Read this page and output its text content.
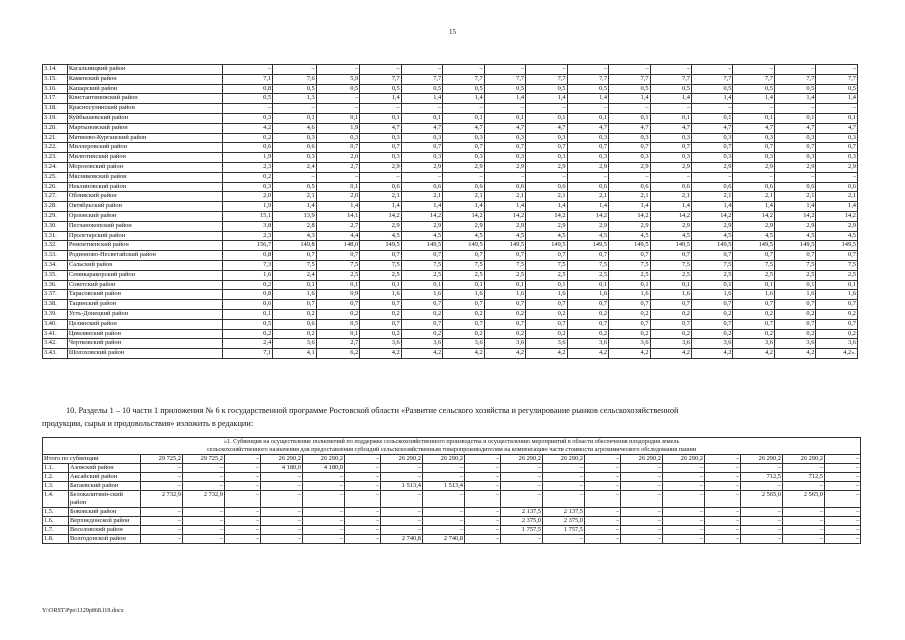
15
3.14.	Кагальницкий район	–	–	–	–	–	–	–	–	–	–	–	–	–	–	–
3.15.	Каменский район	7,1	7,6	5,9	7,7	7,7	7,7	7,7	7,7	7,7	7,7	7,7	7,7	7,7	7,7	7,7
3.16.	Кашарский район	0,8	0,5	0,5	0,5	0,5	0,5	0,5	0,5	0,5	0,5	0,5	0,5	0,5	0,5	0,5
3.17.	Константиновский район	0,5	1,3	–	1,4	1,4	1,4	1,4	1,4	1,4	1,4	1,4	1,4	1,4	1,4	1,4
3.18.	Красносулинский район	–	–	–	–	–	–	–	–	–	–	–	–	–	–	–
3.19.	Куйбышевский район	0,3	0,1	0,1	0,1	0,1	0,1	0,1	0,1	0,1	0,1	0,1	0,1	0,1	0,1	0,1
3.20.	Мартыновский район	4,2	4,6	1,9	4,7	4,7	4,7	4,7	4,7	4,7	4,7	4,7	4,7	4,7	4,7	4,7
3.21.	Матвеево-Курганский район	0,2	0,3	0,3	0,3	0,3	0,3	0,3	0,3	0,3	0,3	0,3	0,3	0,3	0,3	0,3
3.22.	Миллеровский район	0,6	0,6	0,7	0,7	0,7	0,7	0,7	0,7	0,7	0,7	0,7	0,7	0,7	0,7	0,7
3.23.	Милютинский район	1,9	0,3	2,0	0,3	0,3	0,3	0,3	0,3	0,3	0,3	0,3	0,3	0,3	0,3	0,3
3.24.	Морозовский район	2,3	2,4	2,7	2,9	2,9	2,9	2,9	2,9	2,9	2,9	2,9	2,9	2,9	2,9	2,9
3.25.	Мясниковский район	0,2	–	–	–	–	–	–	–	–	–	–	–	–	–	–
3.26.	Неклиновский район	0,3	0,5	0,1	0,6	0,6	0,6	0,6	0,6	0,6	0,6	0,6	0,6	0,6	0,6	0,6
3.27.	Обливский район	2,0	2,1	2,0	2,1	2,1	2,1	2,1	2,1	2,1	2,1	2,1	2,1	2,1	2,1	2,1
3.28.	Октябрьский район	1,9	1,4	1,4	1,4	1,4	1,4	1,4	1,4	1,4	1,4	1,4	1,4	1,4	1,4	1,4
3.29.	Орловский район	15,1	13,9	14,1	14,2	14,2	14,2	14,2	14,2	14,2	14,2	14,2	14,2	14,2	14,2	14,2
3.30.	Песчанокопский район	3,8	2,8	2,7	2,9	2,9	2,9	2,9	2,9	2,9	2,9	2,9	2,9	2,9	2,9	2,9
3.31.	Пролетарский район	2,3	4,3	4,4	4,5	4,5	4,5	4,5	4,5	4,5	4,5	4,5	4,5	4,5	4,5	4,5
3.32.	Ремонтненский район	156,7	149,8	148,0	149,5	149,5	149,5	149,5	149,5	149,5	149,5	149,5	149,5	149,5	149,5	149,5
3.33.	Родионово-Несветайский район	0,8	0,7	0,7	0,7	0,7	0,7	0,7	0,7	0,7	0,7	0,7	0,7	0,7	0,7	0,7
3.34.	Сальский район	7,3	7,5	7,5	7,5	7,5	7,5	7,5	7,5	7,5	7,5	7,5	7,5	7,5	7,5	7,5
3.35.	Семикаракорский район	1,6	2,4	2,5	2,5	2,5	2,5	2,5	2,5	2,5	2,5	2,5	2,5	2,5	2,5	2,5
3.36.	Советский район	0,2	0,1	0,1	0,1	0,1	0,1	0,1	0,1	0,1	0,1	0,1	0,1	0,1	0,1	0,1
3.37.	Тарасовский район	0,8	1,6	0,9	1,6	1,6	1,6	1,6	1,6	1,6	1,6	1,6	1,6	1,6	1,6	1,6
3.38.	Тацинский район	0,6	0,7	0,7	0,7	0,7	0,7	0,7	0,7	0,7	0,7	0,7	0,7	0,7	0,7	0,7
3.39.	Усть-Донецкий район	0,1	0,2	0,2	0,2	0,2	0,2	0,2	0,2	0,2	0,2	0,2	0,2	0,2	0,2	0,2
3.40.	Целинский район	0,5	0,6	0,5	0,7	0,7	0,7	0,7	0,7	0,7	0,7	0,7	0,7	0,7	0,7	0,7
3.41.	Цимлянский район	0,2	0,2	0,1	0,2	0,2	0,2	0,2	0,2	0,2	0,2	0,2	0,2	0,2	0,2	0,2
3.42.	Чертковский район	2,4	3,6	2,7	3,6	3,6	3,6	3,6	3,6	3,6	3,6	3,6	3,6	3,6	3,6	3,6
3.43.	Шолоховский район	7,1	4,1	6,2	4,2	4,2	4,2	4,2	4,2	4,2	4,2	4,2	4,2	4,2	4,2	4,2».
10. Разделы 1 – 10 части 1 приложения № 6 к государственной программе Ростовской области «Развитие сельского хозяйства и регулирование рынков сельскохозяйственной
продукции, сырья и продовольствия» изложить в редакции:
«1. Субвенция на осуществление полномочий по поддержке сельскохозяйственного производства и осуществлению мероприятий в области обеспечения плодородия земель
сельскохозяйственного назначения для предоставления субсидий сельскохозяйственным товаропроизводителям на компенсацию части стоимости агрохимического обследования пашни																			

Итого по субвенции		29 725,2	29 725,2	–	26 290,2	26 290,2	–	26 290,2	26 290,2	–	26 290,2	26 290,2	–	26 290,2	26 290,2	–	26 290,2	26 290,2	–
1.1.	Азовский район	–	–	–	4 180,0	4 180,0	–	–	–	–	–	–	–	–	–	–	–	–	–
1.2.	Аксайский район	–	–	–	–	–	–	–	–	–	–	–	–	–	–	–	712,5	712,5	–
1.3.	Багаевский район	–	–	–	–	–	–	1 513,4	1 513,4	–	–	–	–	–	–	–	–	–	–
1.4.	Белокалитвин-ский район	2 732,9	2 732,9	–	–	–	–	–	–	–	–	–	–	–	–	–	2 565,0	2 565,0	–
1.5.	Боковский район	–	–	–	–	–	–	–	–	–	2 137,5	2 137,5	–	–	–	–	–	–	–
1.6.	Верхнедонской район	–	–	–	–	–	–	–	–	–	2 375,0	2 375,0	–	–	–	–	–	–	–
1.7.	Веселовский район	–	–	–	–	–	–	–	–	–	1 757,5	1 757,5	–	–	–	–	–	–	–
1.8.	Волгодонской район	–	–	–	–	–	–	2 740,8	2 740,8	–	–	–	–	–	–	–	–	–	–
Y:\ORST\Ppo\1129p868.f19.docx
